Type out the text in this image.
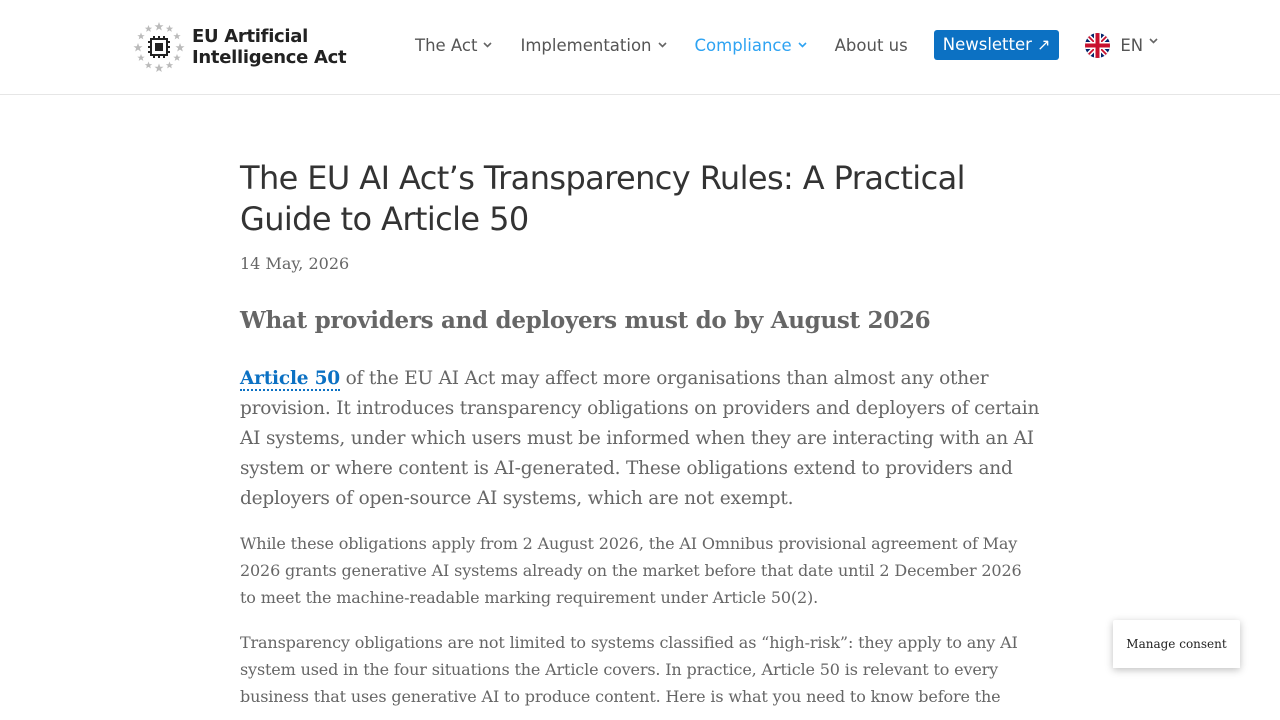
EU Artificial
Intelligence Act
The Act	Implementation	Compliance	About us Newsletter ↗	EN
The EU AI Act’s Transparency Rules: A Practical Guide to Article 50
14 May, 2026
What providers and deployers must do by August 2026

Article 50 of the EU AI Act may affect more organisations than almost any other provision. It introduces transparency obligations on providers and deployers of certain AI systems, under which users must be informed when they are interacting with an AI system or where content is AI-generated. These obligations extend to providers and deployers of open-source AI systems, which are not exempt.

While these obligations apply from 2 August 2026, the AI Omnibus provisional agreement of May 2026 grants generative AI systems already on the market before that date until 2 December 2026 to meet the machine-readable marking requirement under Article 50(2).

Transparency obligations are not limited to systems classified as “high-risk”: they apply to any AI system used in the four situations the Article covers. In practice, Article 50 is relevant to every business that uses generative AI to produce content. Here is what you need to know before the

Manage consent
